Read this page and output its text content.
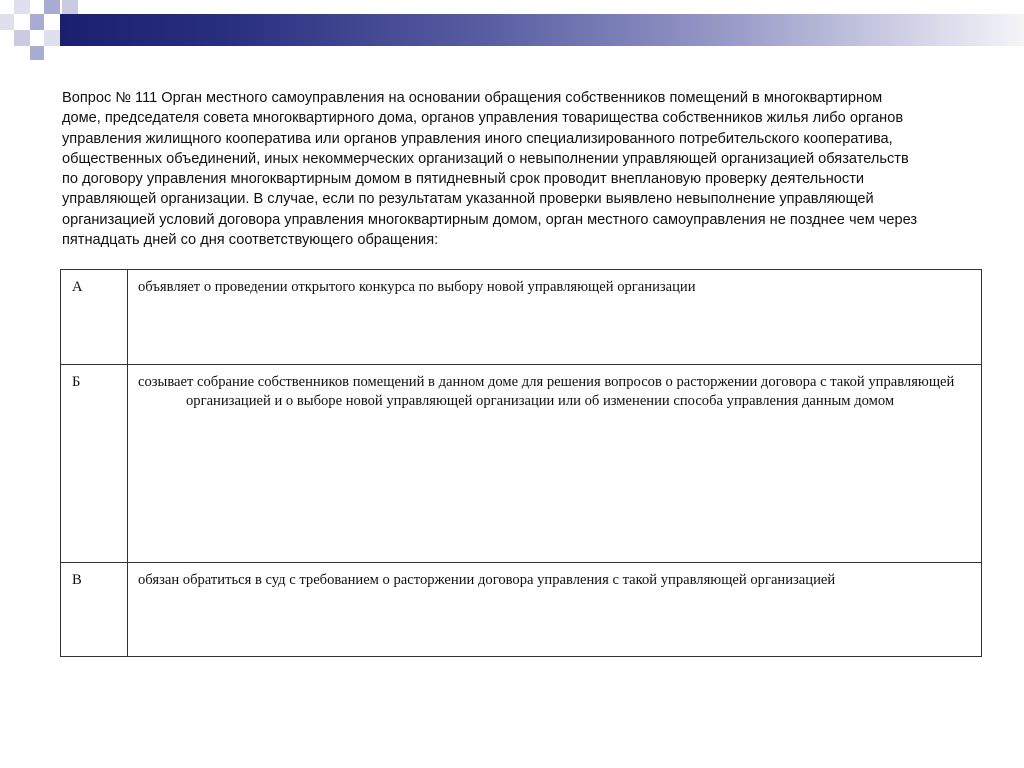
Вопрос № 111 Орган местного самоуправления на основании обращения собственников помещений в многоквартирном доме, председателя совета многоквартирного дома, органов управления товарищества собственников жилья либо органов управления жилищного кооператива или органов управления иного специализированного потребительского кооператива, общественных объединений, иных некоммерческих организаций о невыполнении управляющей организацией обязательств по договору управления многоквартирным домом в пятидневный срок проводит внеплановую проверку деятельности управляющей организации. В случае, если по результатам указанной проверки выявлено невыполнение управляющей организацией условий договора управления многоквартирным домом, орган местного самоуправления не позднее чем через пятнадцать дней со дня соответствующего обращения:
А	объявляет о проведении открытого конкурса по выбору новой управляющей организации
Б	созывает собрание собственников помещений в данном доме для решения вопросов о расторжении договора с такой управляющей организацией и о выборе новой управляющей организации или об изменении способа управления данным домом

В	обязан обратиться в суд с требованием о расторжении договора управления с такой управляющей организацией
